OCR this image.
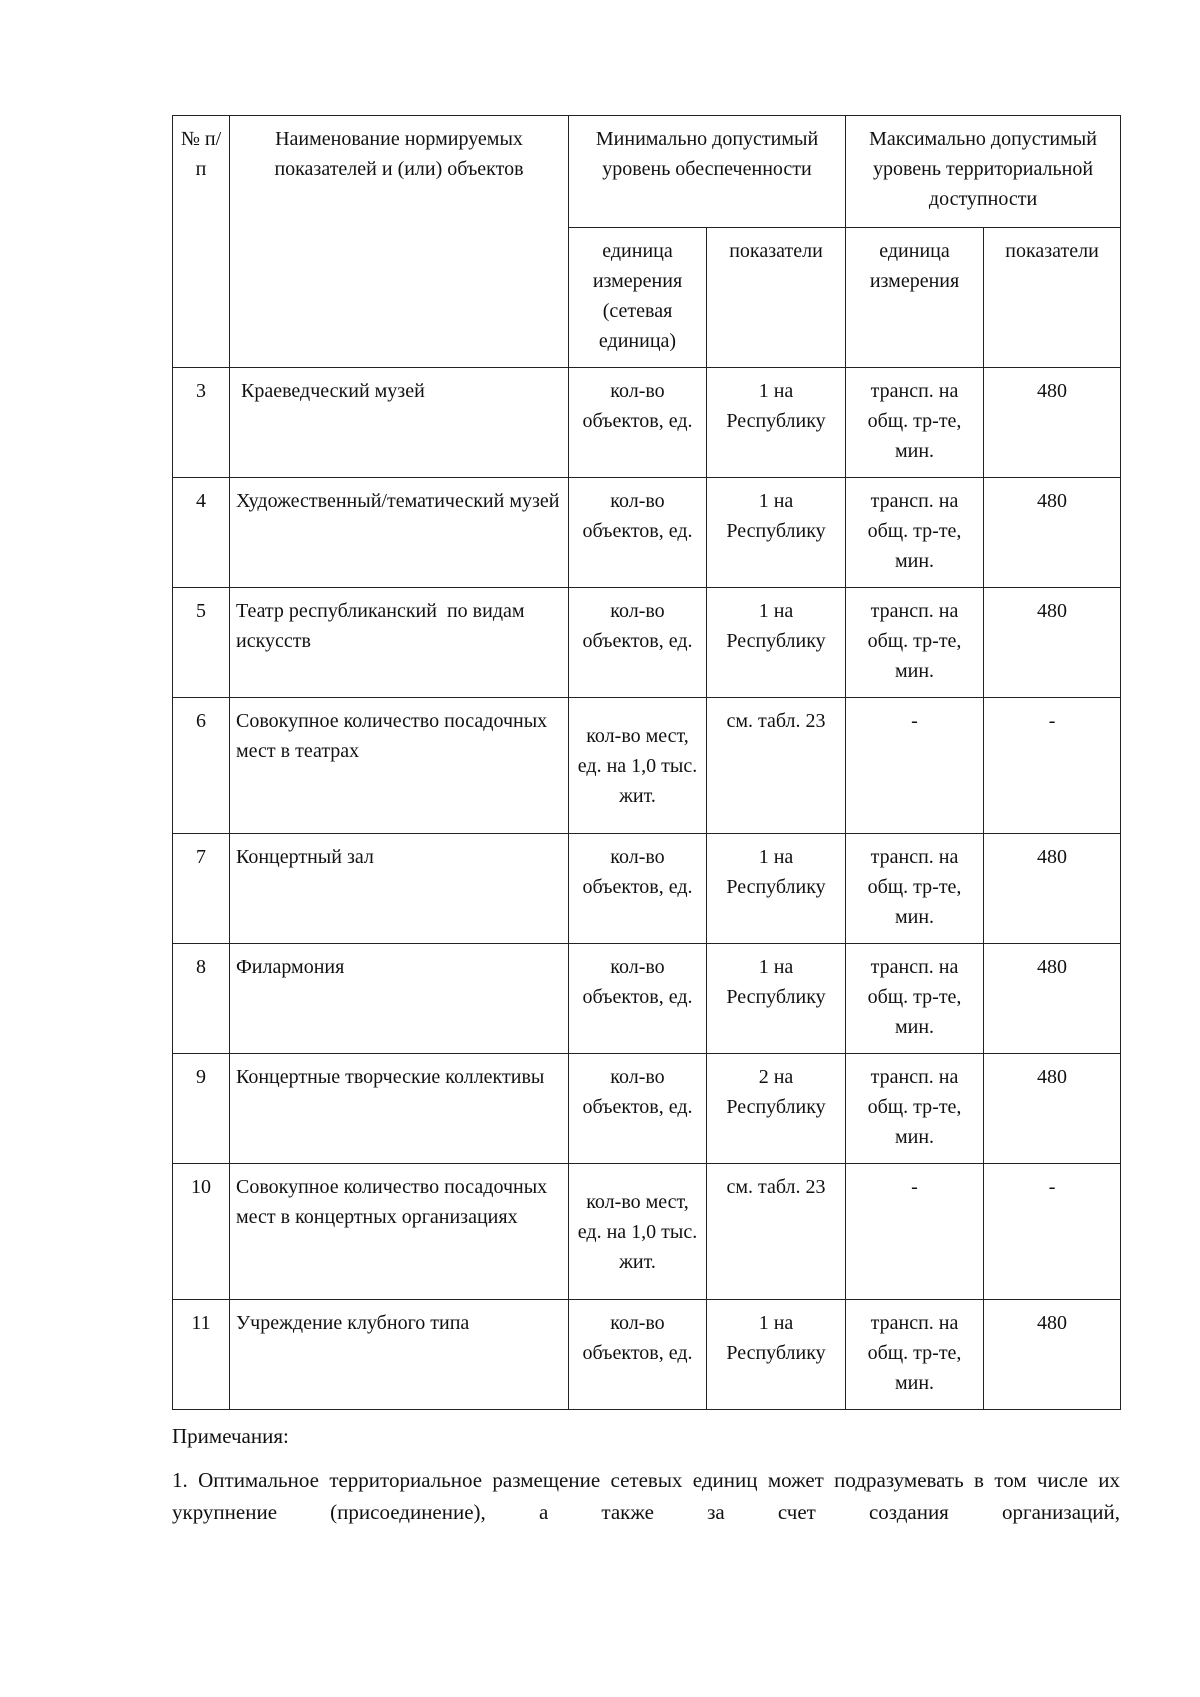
№ п/п	Наименование нормируемых показателей и (или) объектов	Минимально допустимый уровень обеспеченности		Максимально допустимый уровень территориальной доступности	
		единица измерения (сетевая единица)	показатели	единица измерения	показатели
3	Краеведческий музей	кол-во объектов, ед.	1 на Республику	трансп. на общ. тр-те, мин.	480
4	Художественный/тематический музей	кол-во объектов, ед.	1 на Республику	трансп. на общ. тр-те, мин.	480
5	Театр республиканский  по видам искусств	кол-во объектов, ед.	1 на Республику	трансп. на общ. тр-те, мин.	480
6	Совокупное количество посадочных мест в театрах	кол-во мест, ед. на 1,0 тыс. жит.	см. табл. 23	-	-
7	Концертный зал	кол-во объектов, ед.	1 на Республику	трансп. на общ. тр-те, мин.	480
8	Филармония	кол-во объектов, ед.	1 на Республику	трансп. на общ. тр-те, мин.	480
9	Концертные творческие коллективы	кол-во объектов, ед.	2 на Республику	трансп. на общ. тр-те, мин.	480
10	Совокупное количество посадочных мест в концертных организациях	кол-во мест, ед. на 1,0 тыс. жит.	см. табл. 23	-	-
11	Учреждение клубного типа	кол-во объектов, ед.	1 на Республику	трансп. на общ. тр-те, мин.	480

Примечания:

1. Оптимальное территориальное размещение сетевых единиц может подразумевать в том числе их укрупнение (присоединение), а также за счет создания организаций,
